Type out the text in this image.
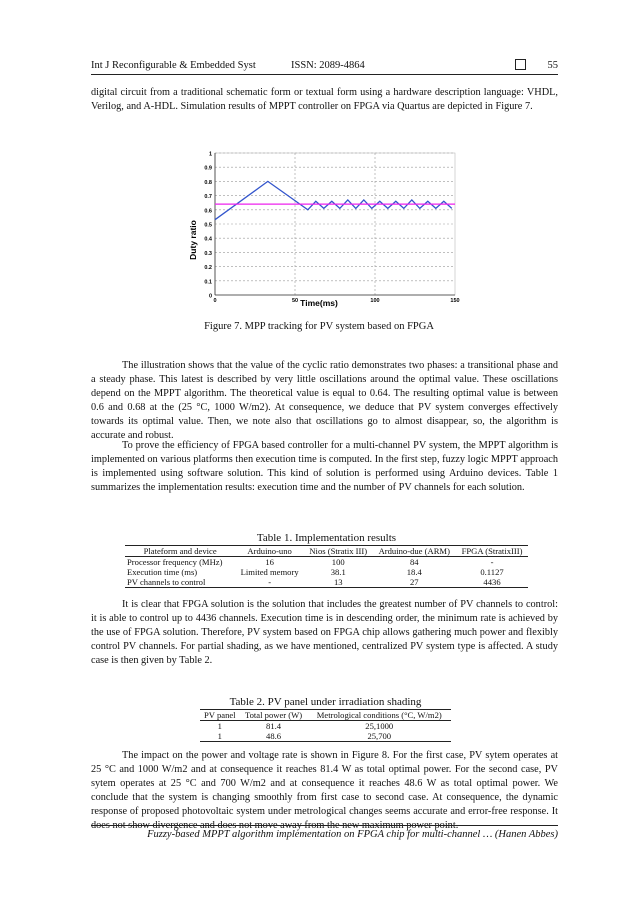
Int J Reconfigurable & Embedded Syst	ISSN: 2089-4864	55

digital circuit from a traditional schematic form or textual form using a hardware description language: VHDL, Verilog, and A-HDL. Simulation results of MPPT controller on FPGA via Quartus are depicted in Figure 7.

0
0.1
0.2
0.3
0.4
0.5
0.6
0.7
0.8
0.9
1
0	50	100	150
Duty ratio
Time(ms)
Figure 7. MPP tracking for PV system based on FPGA

The illustration shows that the value of the cyclic ratio demonstrates two phases: a transitional phase and a steady phase. This latest is described by very little oscillations around the optimal value. These oscillations depend on the MPPT algorithm. The theoretical value is equal to 0.64. The resulting optimal value is between 0.6 and 0.68 at the (25 °C, 1000 W/m2). At consequence, we deduce that PV system converges effectively towards its optimal value. Then, we note also that oscillations go to almost disappear, so, the algorithm is accurate and robust.

To prove the efficiency of FPGA based controller for a multi-channel PV system, the MPPT algorithm is implemented on various platforms then execution time is computed. In the first step, fuzzy logic MPPT approach is implemented using software solution. This kind of solution is performed using Arduino devices. Table 1 summarizes the implementation results: execution time and the number of PV channels for each solution.

Table 1. Implementation results
Plateform and device	Arduino-uno	Nios (Stratix III)	Arduino-due (ARM)	FPGA (StratixIII)
Processor frequency (MHz)	16	100	84	-
Execution time (ms)	Limited memory	38.1	18.4	0.1127
PV channels to control	-	13	27	4436

It is clear that FPGA solution is the solution that includes the greatest number of PV channels to control: it is able to control up to 4436 channels. Execution time is in descending order, the minimum rate is achieved by the use of FPGA solution. Therefore, PV system based on FPGA chip allows gathering much power and flexibly control PV channels. For partial shading, as we have mentioned, centralized PV system type is affected. A study case is then given by Table 2.

Table 2. PV panel under irradiation shading
PV panel	Total power (W)	Metrological conditions (°C, W/m2)
1	81.4	25,1000
1	48.6	25,700

The impact on the power and voltage rate is shown in Figure 8. For the first case, PV sytem operates at 25 °C and 1000 W/m2 and at consequence it reaches 81.4 W as total optimal power. For the second case, PV sytem operates at 25 °C and 700 W/m2 and at consequence it reaches 48.6 W as total optimal power. We conclude that the system is changing smoothly from first case to second case. At consequence, the dynamic response of proposed photovoltaic system under metrological changes seems accurate and error-free response. It does not show divergence and does not move away from the new maximum power point.

Fuzzy-based MPPT algorithm implementation on FPGA chip for multi-channel … (Hanen Abbes)
